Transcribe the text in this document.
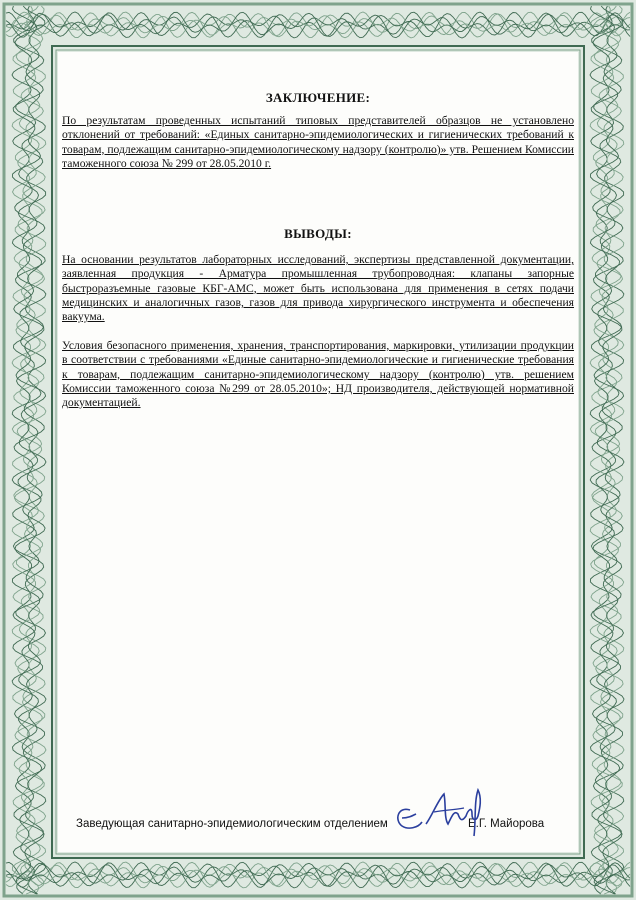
ЗАКЛЮЧЕНИЕ:
По результатам проведенных испытаний типовых представителей образцов не установлено отклонений от требований: «Единых санитарно-эпидемиологических и гигиенических требований к товарам, подлежащим санитарно-эпидемиологическому надзору (контролю)» утв. Решением Комиссии таможенного союза № 299 от 28.05.2010 г.
ВЫВОДЫ:
На основании результатов лабораторных исследований, экспертизы представленной документации, заявленная продукция - Арматура промышленная трубопроводная: клапаны запорные быстроразъемные газовые КБГ-АМС, может быть использована для применения в сетях подачи медицинских и аналогичных газов, газов для привода хирургического инструмента и обеспечения вакуума.
Условия безопасного применения, хранения, транспортирования, маркировки, утилизации продукции в соответствии с требованиями «Единые санитарно-эпидемиологические и гигиенические требования к товарам, подлежащим санитарно-эпидемиологическому надзору (контролю) утв. решением Комиссии таможенного союза №299 от 28.05.2010»; НД производителя, действующей нормативной документацией.
Заведующая санитарно-эпидемиологическим отделением	Е.Г. Майорова
